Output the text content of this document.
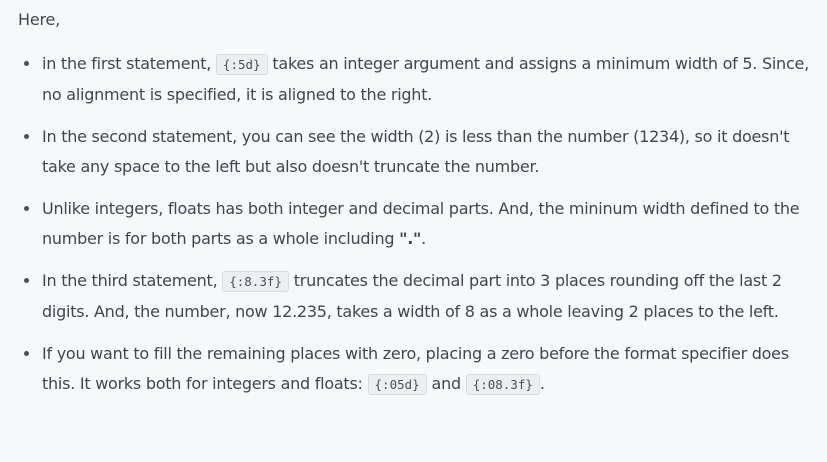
Here,

in the first statement, {:5d} takes an integer argument and assigns a minimum width of 5. Since, no alignment is specified, it is aligned to the right.
In the second statement, you can see the width (2) is less than the number (1234), so it doesn't take any space to the left but also doesn't truncate the number.
Unlike integers, floats has both integer and decimal parts. And, the mininum width defined to the number is for both parts as a whole including ".".
In the third statement, {:8.3f} truncates the decimal part into 3 places rounding off the last 2 digits. And, the number, now 12.235, takes a width of 8 as a whole leaving 2 places to the left.
If you want to fill the remaining places with zero, placing a zero before the format specifier does this. It works both for integers and floats: {:05d} and {:08.3f} .
